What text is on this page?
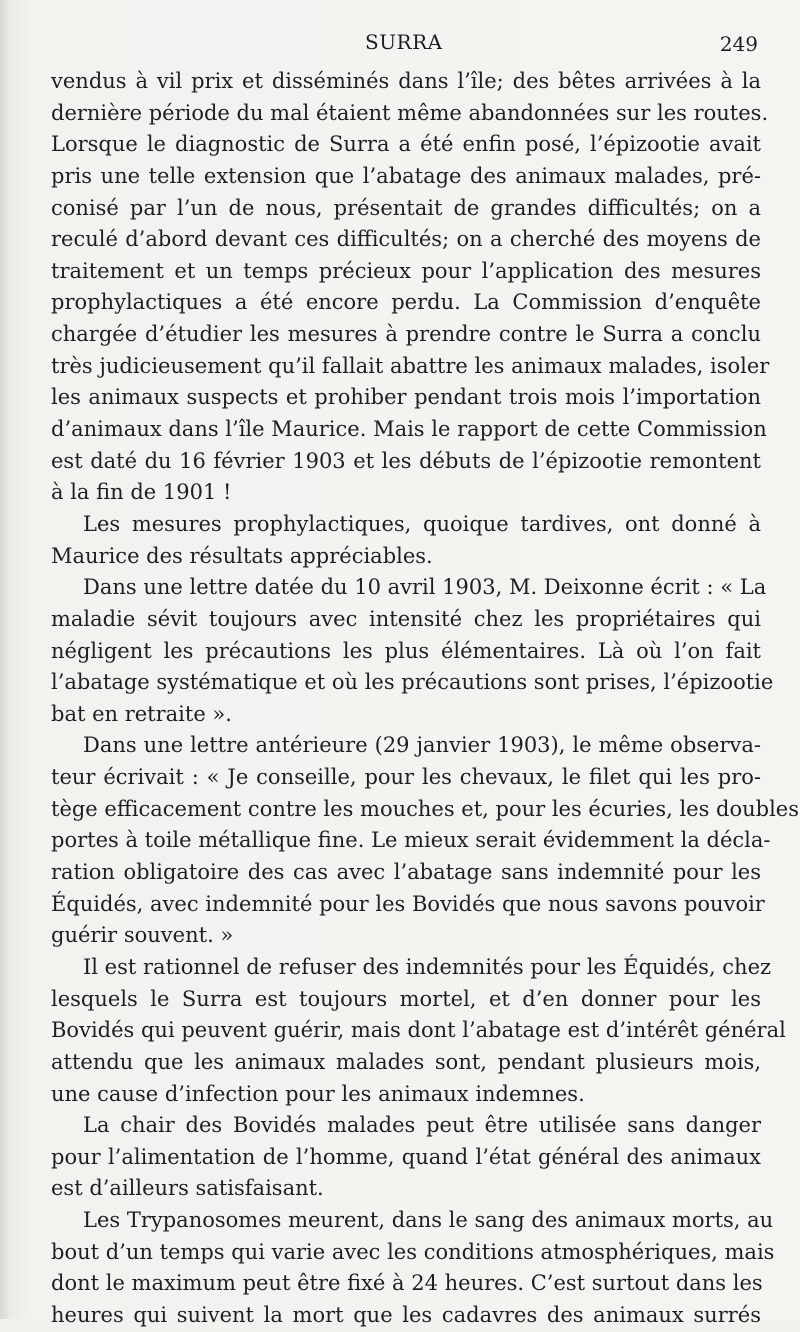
SURRA	249
vendus à vil prix et disséminés dans l’île; des bêtes arrivées à la
dernière période du mal étaient même abandonnées sur les routes.
Lorsque le diagnostic de Surra a été enfin posé, l’épizootie avait
pris une telle extension que l’abatage des animaux malades, pré-
conisé par l’un de nous, présentait de grandes difficultés; on a
reculé d’abord devant ces difficultés; on a cherché des moyens de
traitement et un temps précieux pour l’application des mesures
prophylactiques a été encore perdu. La Commission d’enquête
chargée d’étudier les mesures à prendre contre le Surra a conclu
très judicieusement qu’il fallait abattre les animaux malades, isoler
les animaux suspects et prohiber pendant trois mois l’importation
d’animaux dans l’île Maurice. Mais le rapport de cette Commission
est daté du 16 février 1903 et les débuts de l’épizootie remontent
à la fin de 1901 !
Les mesures prophylactiques, quoique tardives, ont donné à
Maurice des résultats appréciables.
Dans une lettre datée du 10 avril 1903, M. Deixonne écrit : « La
maladie sévit toujours avec intensité chez les propriétaires qui
négligent les précautions les plus élémentaires. Là où l’on fait
l’abatage systématique et où les précautions sont prises, l’épizootie
bat en retraite ».
Dans une lettre antérieure (29 janvier 1903), le même observa-
teur écrivait : « Je conseille, pour les chevaux, le filet qui les pro-
tège efficacement contre les mouches et, pour les écuries, les doubles
portes à toile métallique fine. Le mieux serait évidemment la décla-
ration obligatoire des cas avec l’abatage sans indemnité pour les
Équidés, avec indemnité pour les Bovidés que nous savons pouvoir
guérir souvent. »
Il est rationnel de refuser des indemnités pour les Équidés, chez
lesquels le Surra est toujours mortel, et d’en donner pour les
Bovidés qui peuvent guérir, mais dont l’abatage est d’intérêt général
attendu que les animaux malades sont, pendant plusieurs mois,
une cause d’infection pour les animaux indemnes.
La chair des Bovidés malades peut être utilisée sans danger
pour l’alimentation de l’homme, quand l’état général des animaux
est d’ailleurs satisfaisant.
Les Trypanosomes meurent, dans le sang des animaux morts, au
bout d’un temps qui varie avec les conditions atmosphériques, mais
dont le maximum peut être fixé à 24 heures. C’est surtout dans les
heures qui suivent la mort que les cadavres des animaux surrés
